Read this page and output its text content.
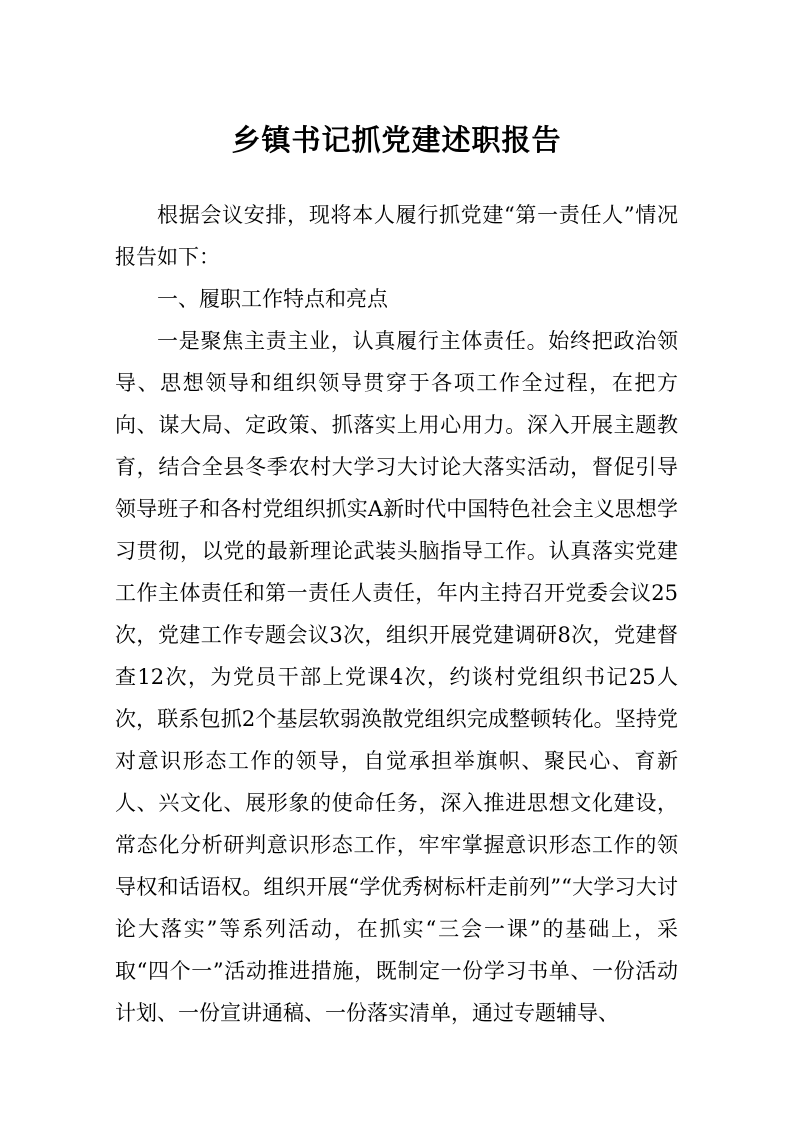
乡镇书记抓党建述职报告

根据会议安排，现将本人履行抓党建“第一责任人”情况报告如下：

一、履职工作特点和亮点

一是聚焦主责主业，认真履行主体责任。始终把政治领导、思想领导和组织领导贯穿于各项工作全过程，在把方向、谋大局、定政策、抓落实上用心用力。深入开展主题教育，结合全县冬季农村大学习大讨论大落实活动，督促引导领导班子和各村党组织抓实A新时代中国特色社会主义思想学习贯彻，以党的最新理论武装头脑指导工作。认真落实党建工作主体责任和第一责任人责任，年内主持召开党委会议25次，党建工作专题会议3次，组织开展党建调研8次，党建督查12次，为党员干部上党课4次，约谈村党组织书记25人次，联系包抓2个基层软弱涣散党组织完成整顿转化。坚持党对意识形态工作的领导，自觉承担举旗帜、聚民心、育新人、兴文化、展形象的使命任务，深入推进思想文化建设，常态化分析研判意识形态工作，牢牢掌握意识形态工作的领导权和话语权。组织开展“学优秀树标杆走前列”“大学习大讨论大落实”等系列活动，在抓实“三会一课”的基础上，采取“四个一”活动推进措施，既制定一份学习书单、一份活动计划、一份宣讲通稿、一份落实清单，通过专题辅导、
